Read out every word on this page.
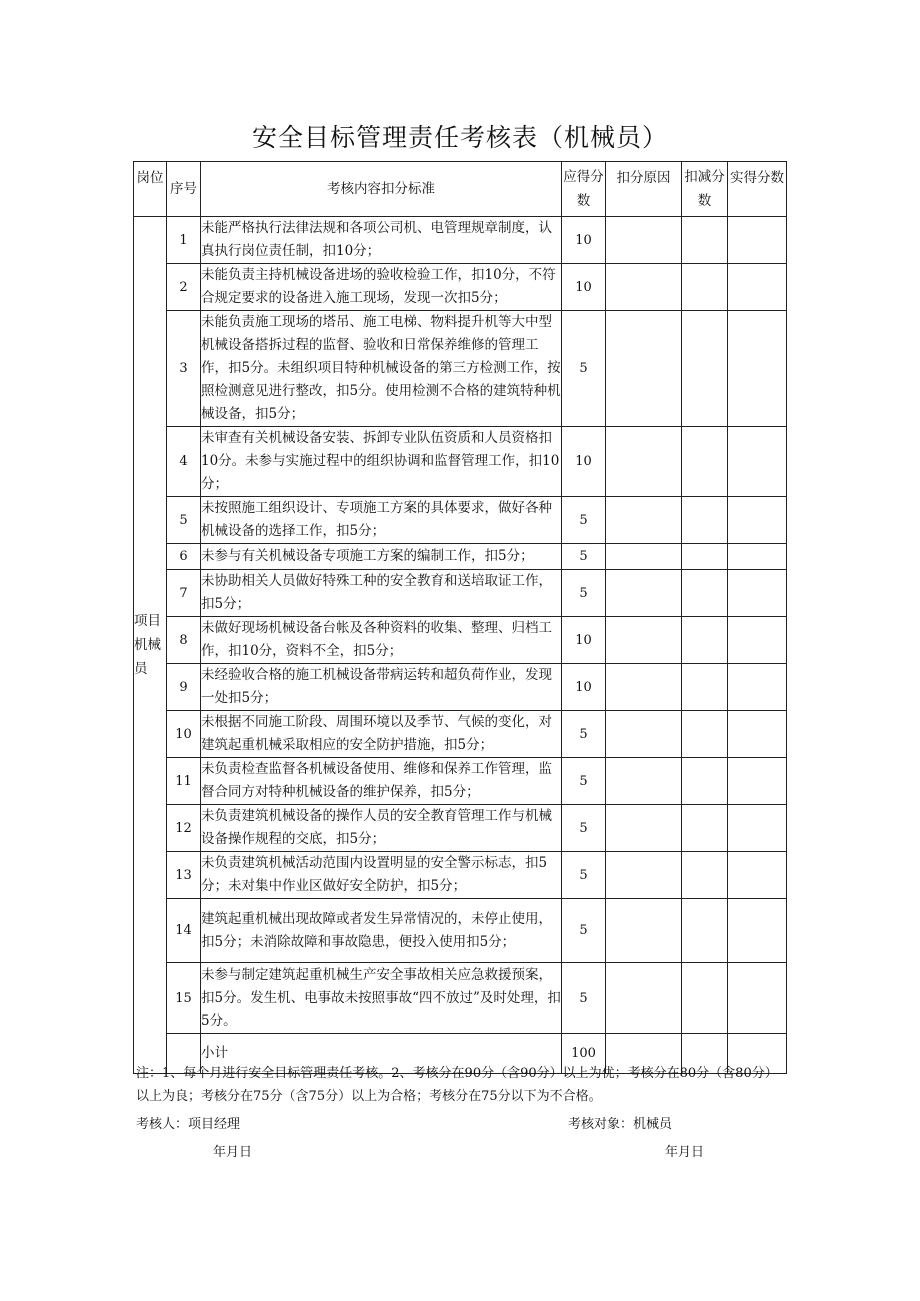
安全目标管理责任考核表（机械员）
岗位	序号	考核内容扣分标准	应得分数	扣分原因	扣减分数	实得分数
项目机械员	1	未能严格执行法律法规和各项公司机、电管理规章制度，认真执行岗位责任制，扣10分；	10			
	2	未能负责主持机械设备进场的验收检验工作，扣10分，不符合规定要求的设备进入施工现场，发现一次扣5分；	10			
	3	未能负责施工现场的塔吊、施工电梯、物料提升机等大中型机械设备搭拆过程的监督、验收和日常保养维修的管理工作，扣5分。未组织项目特种机械设备的第三方检测工作，按照检测意见进行整改，扣5分。使用检测不合格的建筑特种机械设备，扣5分；	5			
	4	未审查有关机械设备安装、拆卸专业队伍资质和人员资格扣10分。未参与实施过程中的组织协调和监督管理工作，扣10分；	10			
	5	未按照施工组织设计、专项施工方案的具体要求，做好各种机械设备的选择工作，扣5分；	5			
	6	未参与有关机械设备专项施工方案的编制工作，扣5分；	5			
	7	未协助相关人员做好特殊工种的安全教育和送培取证工作，扣5分；	5			
	8	未做好现场机械设备台帐及各种资料的收集、整理、归档工作，扣10分，资料不全，扣5分；	10			
	9	未经验收合格的施工机械设备带病运转和超负荷作业，发现一处扣5分；	10			
	10	未根据不同施工阶段、周围环境以及季节、气候的变化，对建筑起重机械采取相应的安全防护措施，扣5分；	5			
	11	未负责检查监督各机械设备使用、维修和保养工作管理，监督合同方对特种机械设备的维护保养，扣5分；	5			
	12	未负责建筑机械设备的操作人员的安全教育管理工作与机械设备操作规程的交底，扣5分；	5			
	13	未负责建筑机械活动范围内设置明显的安全警示标志，扣5分；未对集中作业区做好安全防护，扣5分；	5			
	14	建筑起重机械出现故障或者发生异常情况的，未停止使用，扣5分；未消除故障和事故隐患，便投入使用扣5分；	5			
	15	未参与制定建筑起重机械生产安全事故相关应急救援预案，扣5分。发生机、电事故未按照事故“四不放过”及时处理，扣5分。	5			
		小计	100			
注：1、每个月进行安全目标管理责任考核。2、考核分在90分（含90分）以上为优；考核分在80分（含80分）以上为良；考核分在75分（含75分）以上为合格；考核分在75分以下为不合格。
考核人：项目经理	考核对象：机械员
年月日	年月日
